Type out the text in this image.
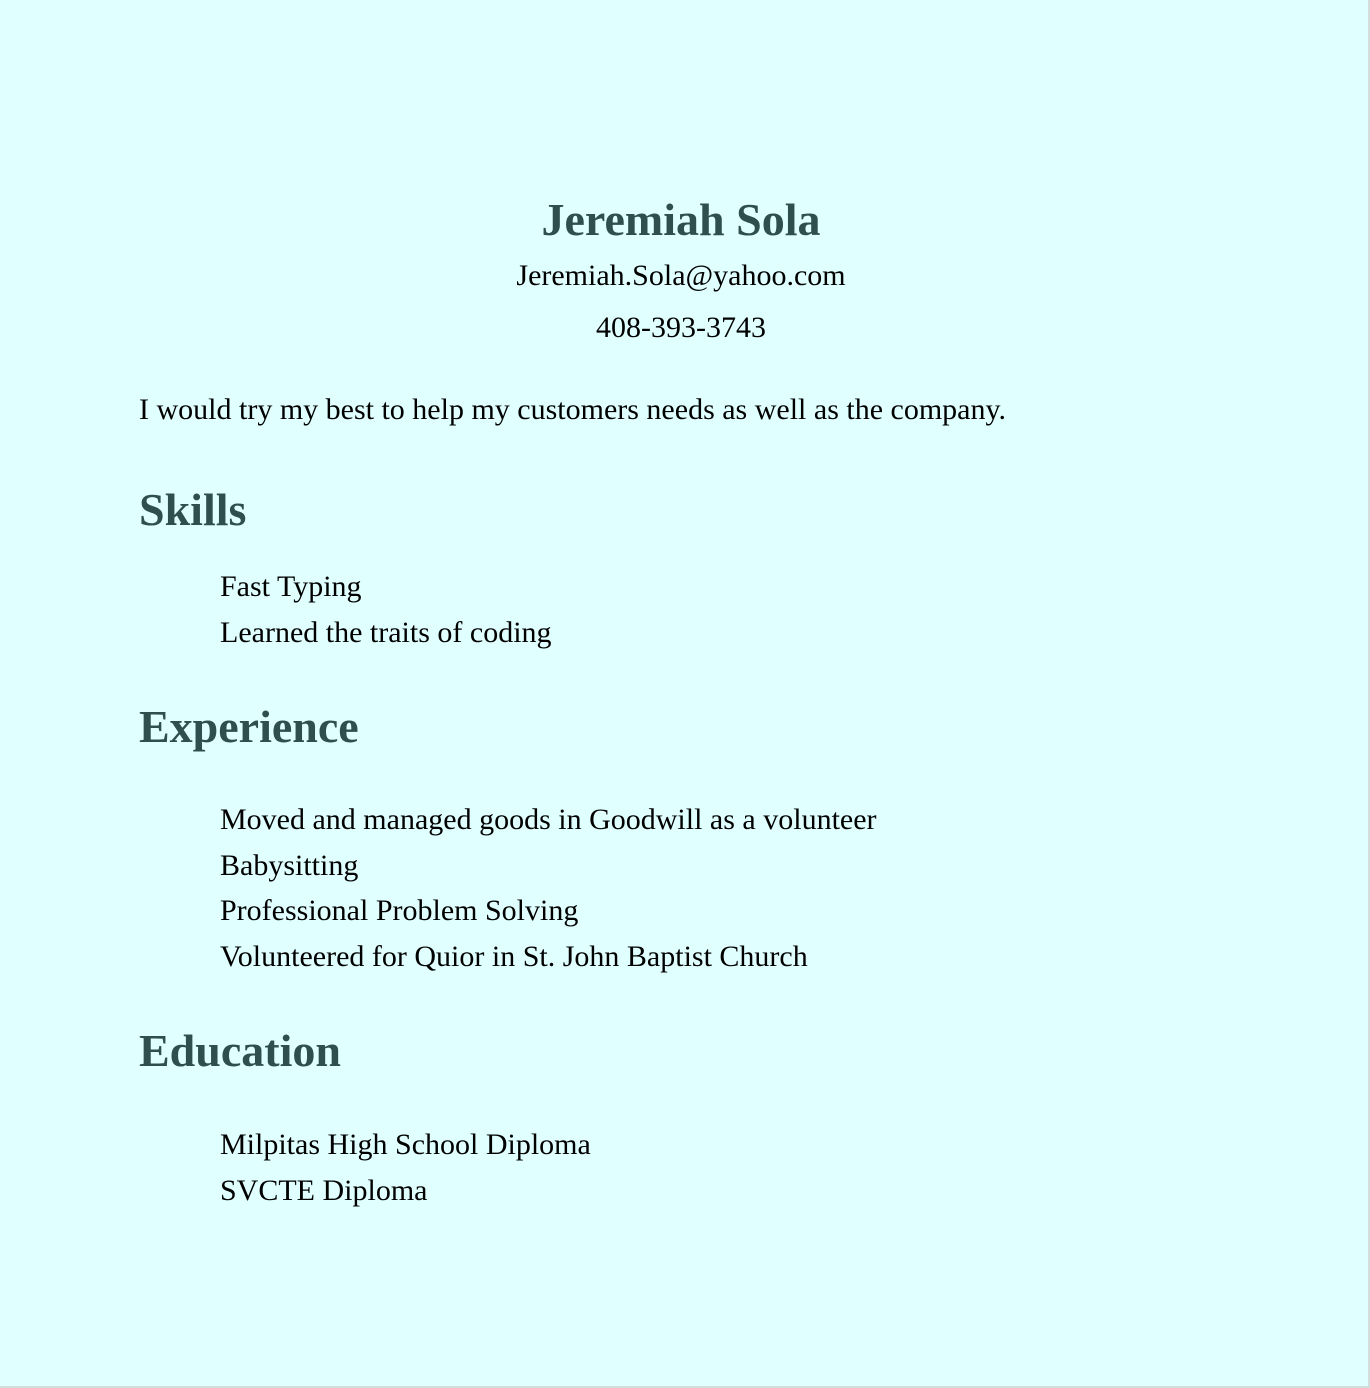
Jeremiah Sola

Jeremiah.Sola@yahoo.com

408-393-3743

I would try my best to help my customers needs as well as the company.

Skills
Fast Typing
Learned the traits of coding
Experience
Moved and managed goods in Goodwill as a volunteer
Babysitting
Professional Problem Solving
Volunteered for Quior in St. John Baptist Church
Education
Milpitas High School Diploma
SVCTE Diploma
